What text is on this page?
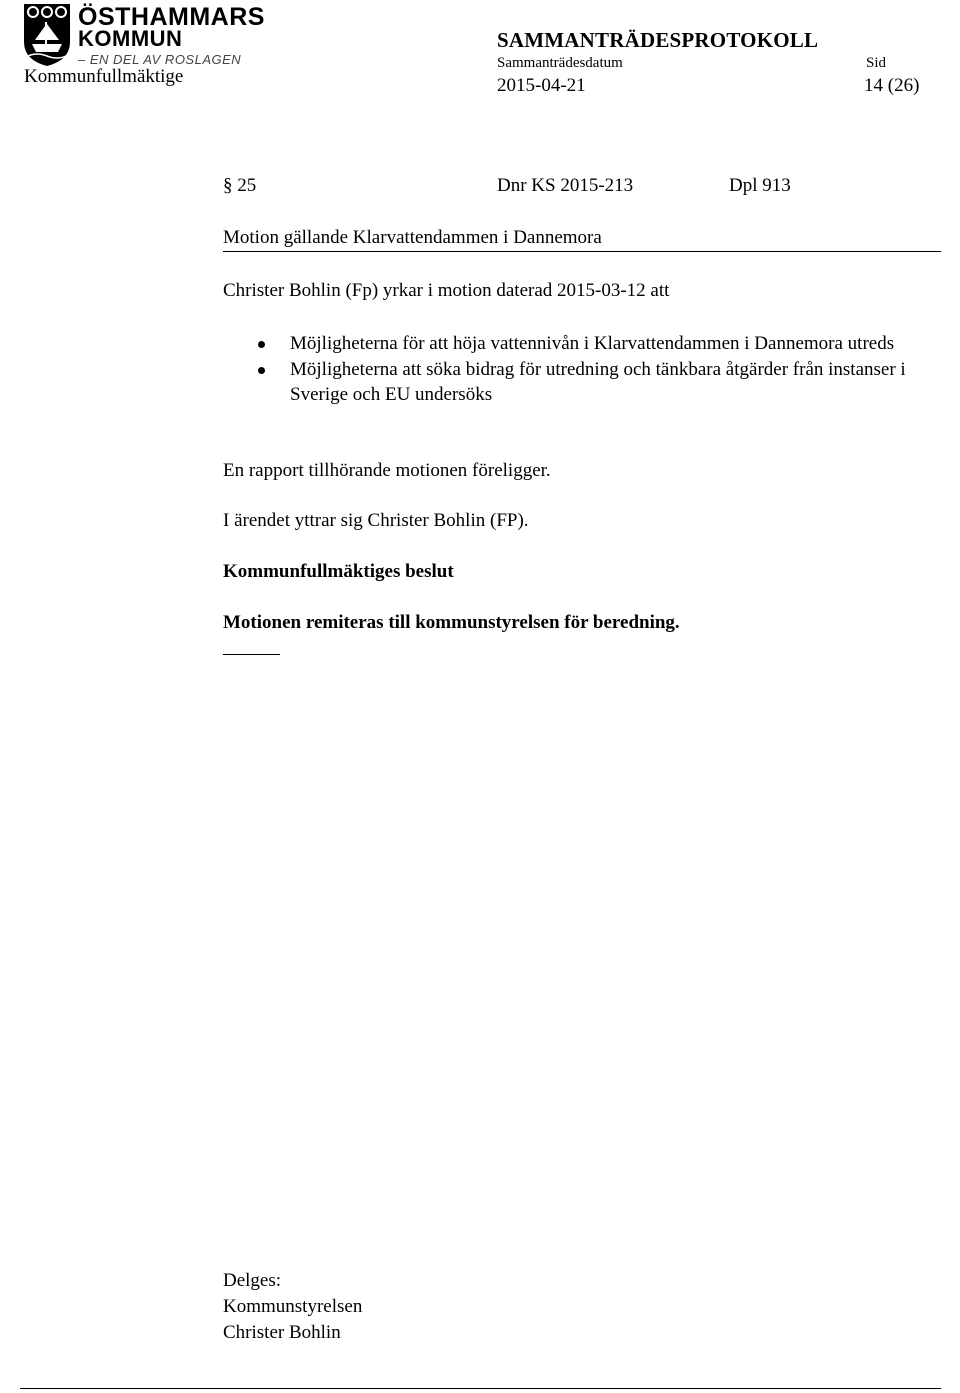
ÖSTHAMMARS
KOMMUN
– EN DEL AV ROSLAGEN
Kommunfullmäktige
SAMMANTRÄDESPROTOKOLL
Sammanträdesdatum	Sid
2015-04-21	14 (26)
§ 25	Dnr KS 2015-213	Dpl 913
Motion gällande Klarvattendammen i Dannemora
Christer Bohlin (Fp) yrkar i motion daterad 2015-03-12 att
Möjligheterna för att höja vattennivån i Klarvattendammen i Dannemora utreds
Möjligheterna att söka bidrag för utredning och tänkbara åtgärder från instanser i Sverige och EU undersöks
En rapport tillhörande motionen föreligger.
I ärendet yttrar sig Christer Bohlin (FP).
Kommunfullmäktiges beslut
Motionen remiteras till kommunstyrelsen för beredning.
Delges:
Kommunstyrelsen
Christer Bohlin
